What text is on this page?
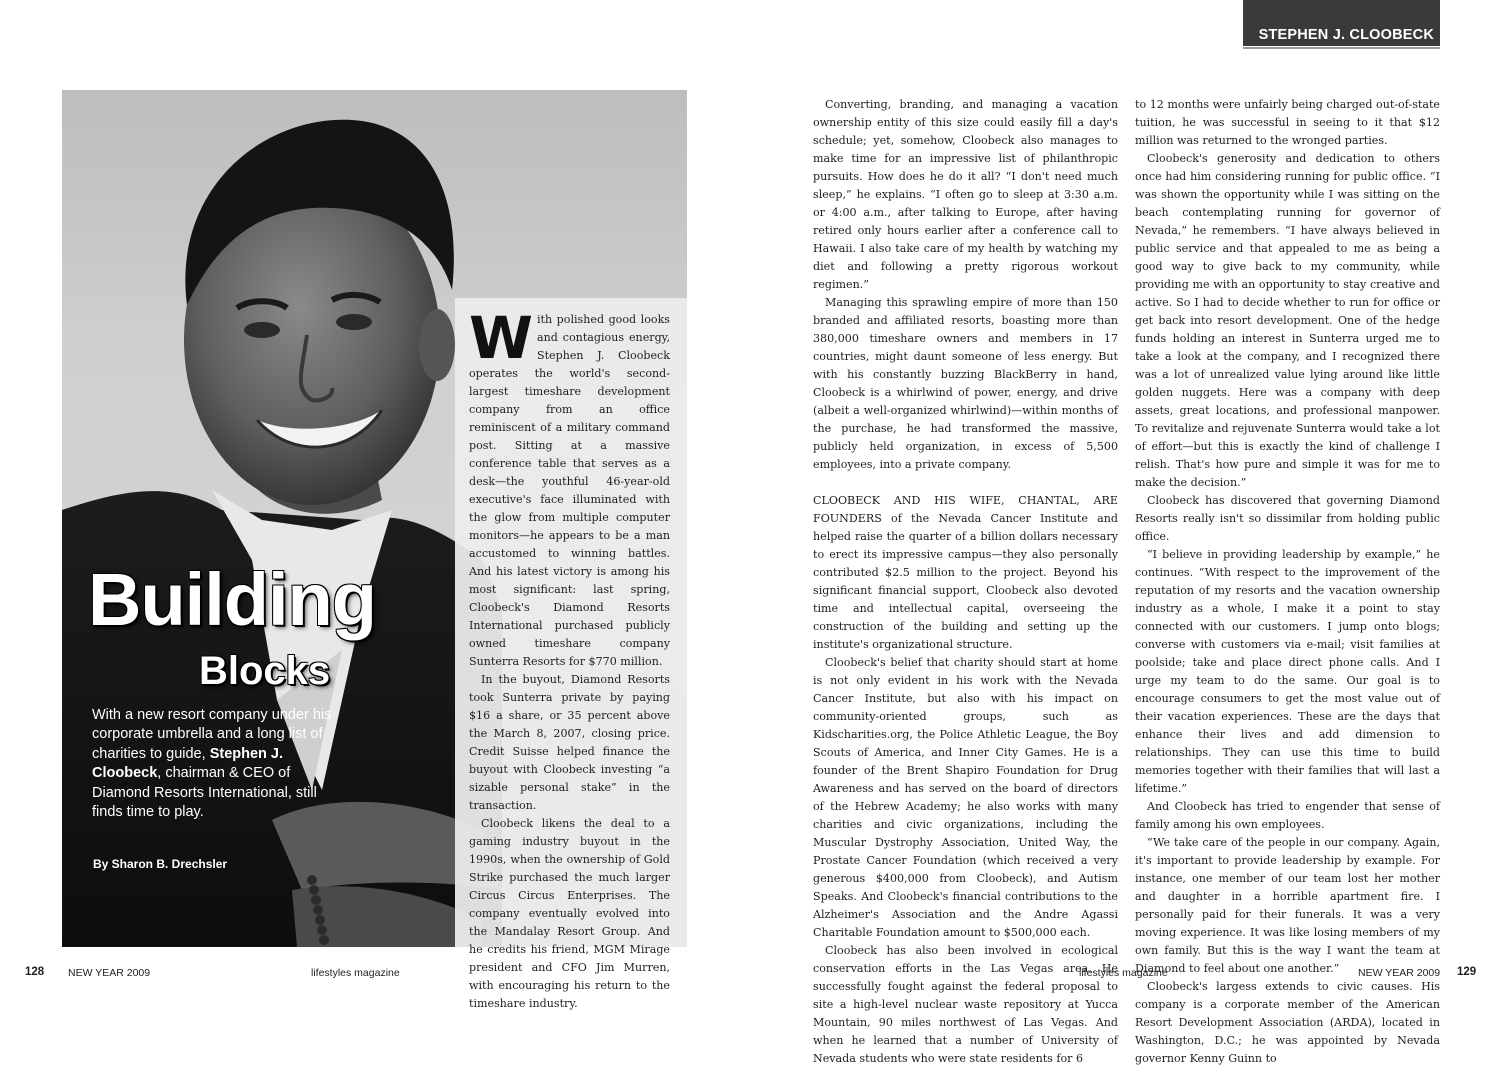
STEPHEN J. CLOOBECK

With polished good looks and contagious energy, Stephen J. Cloobeck operates the world's second-largest timeshare development company from an office reminiscent of a military command post. Sitting at a massive conference table that serves as a desk—the youthful 46-year-old executive's face illuminated with the glow from multiple computer monitors—he appears to be a man accustomed to winning battles. And his latest victory is among his most significant: last spring, Cloobeck's Diamond Resorts International purchased publicly owned timeshare company Sunterra Resorts for $770 million.

In the buyout, Diamond Resorts took Sunterra private by paying $16 a share, or 35 percent above the March 8, 2007, closing price. Credit Suisse helped finance the buyout with Cloobeck investing “a sizable personal stake” in the transaction.

Cloobeck likens the deal to a gaming industry buyout in the 1990s, when the ownership of Gold Strike purchased the much larger Circus Circus Enterprises. The company eventually evolved into the Mandalay Resort Group. And he credits his friend, MGM Mirage president and CFO Jim Murren, with encouraging his return to the timeshare industry.

Building
Blocks
With a new resort company under his corporate umbrella and a long list of charities to guide, Stephen J. Cloobeck, chairman & CEO of Diamond Resorts International, still finds time to play.
By Sharon B. Drechsler

Converting, branding, and managing a vacation ownership entity of this size could easily fill a day's schedule; yet, somehow, Cloobeck also manages to make time for an impressive list of philanthropic pursuits. How does he do it all? “I don't need much sleep,” he explains. “I often go to sleep at 3:30 a.m. or 4:00 a.m., after talking to Europe, after having retired only hours earlier after a conference call to Hawaii. I also take care of my health by watching my diet and following a pretty rigorous workout regimen.”

Managing this sprawling empire of more than 150 branded and affiliated resorts, boasting more than 380,000 timeshare owners and members in 17 countries, might daunt someone of less energy. But with his constantly buzzing BlackBerry in hand, Cloobeck is a whirlwind of power, energy, and drive (albeit a well-organized whirlwind)—within months of the purchase, he had transformed the massive, publicly held organization, in excess of 5,500 employees, into a private company.

CLOOBECK AND HIS WIFE, CHANTAL, ARE FOUNDERS of the Nevada Cancer Institute and helped raise the quarter of a billion dollars necessary to erect its impressive campus—they also personally contributed $2.5 million to the project. Beyond his significant financial support, Cloobeck also devoted time and intellectual capital, overseeing the construction of the building and setting up the institute's organizational structure.

Cloobeck's belief that charity should start at home is not only evident in his work with the Nevada Cancer Institute, but also with his impact on community-oriented groups, such as Kidscharities.org, the Police Athletic League, the Boy Scouts of America, and Inner City Games. He is a founder of the Brent Shapiro Foundation for Drug Awareness and has served on the board of directors of the Hebrew Academy; he also works with many charities and civic organizations, including the Muscular Dystrophy Association, United Way, the Prostate Cancer Foundation (which received a very generous $400,000 from Cloobeck), and Autism Speaks. And Cloobeck's financial contributions to the Alzheimer's Association and the Andre Agassi Charitable Foundation amount to $500,000 each.

Cloobeck has also been involved in ecological conservation efforts in the Las Vegas area. He successfully fought against the federal proposal to site a high-level nuclear waste repository at Yucca Mountain, 90 miles northwest of Las Vegas. And when he learned that a number of University of Nevada students who were state residents for 6

to 12 months were unfairly being charged out-of-state tuition, he was successful in seeing to it that $12 million was returned to the wronged parties.

Cloobeck's generosity and dedication to others once had him considering running for public office. “I was shown the opportunity while I was sitting on the beach contemplating running for governor of Nevada,” he remembers. “I have always believed in public service and that appealed to me as being a good way to give back to my community, while providing me with an opportunity to stay creative and active. So I had to decide whether to run for office or get back into resort development. One of the hedge funds holding an interest in Sunterra urged me to take a look at the company, and I recognized there was a lot of unrealized value lying around like little golden nuggets. Here was a company with deep assets, great locations, and professional manpower. To revitalize and rejuvenate Sunterra would take a lot of effort—but this is exactly the kind of challenge I relish. That's how pure and simple it was for me to make the decision.”

Cloobeck has discovered that governing Diamond Resorts really isn't so dissimilar from holding public office.

“I believe in providing leadership by example,” he continues. “With respect to the improvement of the reputation of my resorts and the vacation ownership industry as a whole, I make it a point to stay connected with our customers. I jump onto blogs; converse with customers via e-mail; visit families at poolside; take and place direct phone calls. And I urge my team to do the same. Our goal is to encourage consumers to get the most value out of their vacation experiences. These are the days that enhance their lives and add dimension to relationships. They can use this time to build memories together with their families that will last a lifetime.”

And Cloobeck has tried to engender that sense of family among his own employees.

“We take care of the people in our company. Again, it's important to provide leadership by example. For instance, one member of our team lost her mother and daughter in a horrible apartment fire. I personally paid for their funerals. It was a very moving experience. It was like losing members of my own family. But this is the way I want the team at Diamond to feel about one another.”

Cloobeck's largess extends to civic causes. His company is a corporate member of the American Resort Development Association (ARDA), located in Washington, D.C.; he was appointed by Nevada governor Kenny Guinn to

128 NEW YEAR 2009	lifestyles magazine	lifestyles magazine	NEW YEAR 2009 129
